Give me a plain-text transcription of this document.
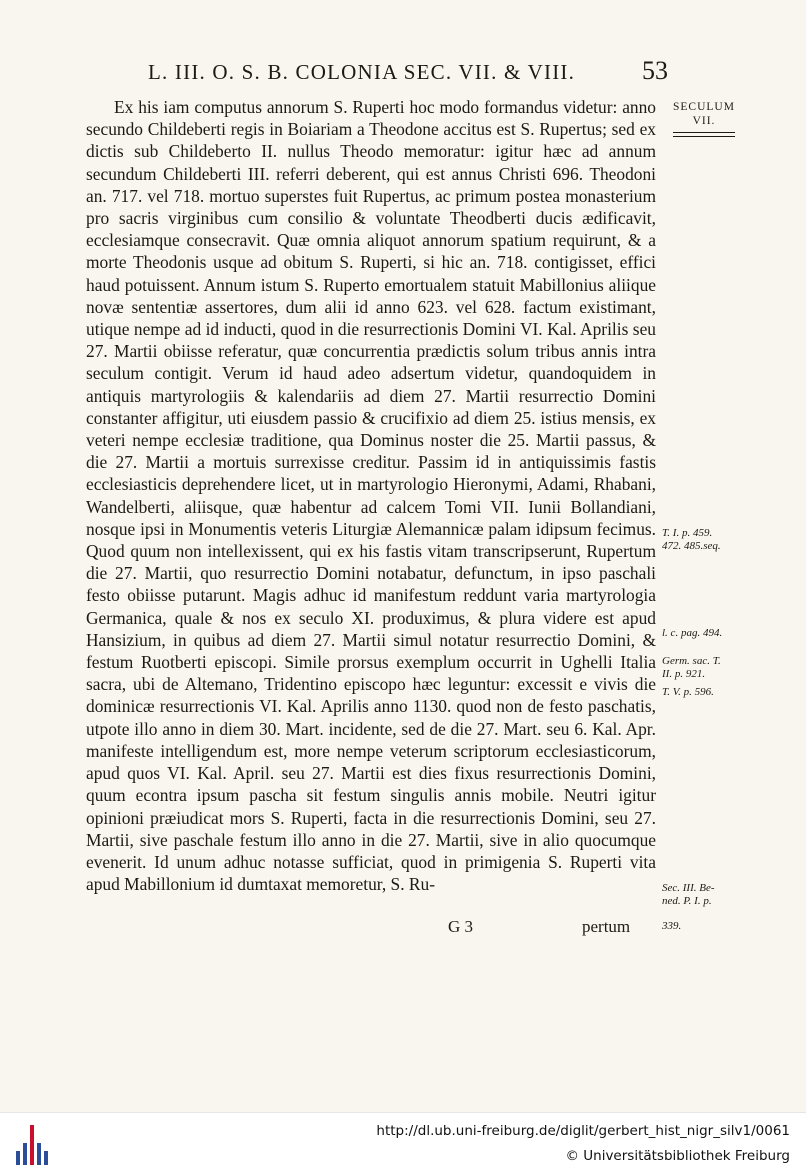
L. III. O. S. B. COLONIA SEC. VII. & VIII.	53
SECULUM
VII.

Ex his iam computus annorum S. Ruperti hoc modo formandus videtur: anno secundo Childeberti regis in Boiariam a Theodone accitus est S. Rupertus; sed ex dictis sub Childeberto II. nullus Theodo memoratur: igitur hæc ad annum secundum Childeberti III. referri deberent, qui est annus Christi 696. Theodoni an. 717. vel 718. mortuo superstes fuit Rupertus, ac primum postea monasterium pro sacris virginibus cum consilio & voluntate Theodberti ducis ædificavit, ecclesiamque consecravit. Quæ omnia aliquot annorum spatium requirunt, & a morte Theodonis usque ad obitum S. Ruperti, si hic an. 718. contigisset, effici haud potuissent. Annum istum S. Ruperto emortualem statuit Mabillonius aliique novæ sententiæ assertores, dum alii id anno 623. vel 628. factum existimant, utique nempe ad id inducti, quod in die resurrectionis Domini VI. Kal. Aprilis seu 27. Martii obiisse referatur, quæ concurrentia prædictis solum tribus annis intra seculum contigit. Verum id haud adeo adsertum videtur, quandoquidem in antiquis martyrologiis & kalendariis ad diem 27. Martii resurrectio Domini constanter affigitur, uti eiusdem passio & crucifixio ad diem 25. istius mensis, ex veteri nempe ecclesiæ traditione, qua Dominus noster die 25. Martii passus, & die 27. Martii a mortuis surrexisse creditur. Passim id in antiquissimis fastis ecclesiasticis deprehendere licet, ut in martyrologio Hieronymi, Adami, Rhabani, Wandelberti, aliisque, quæ habentur ad calcem Tomi VII. Iunii Bollandiani, nosque ipsi in Monumentis veteris Liturgiæ Alemannicæ palam idipsum fecimus. Quod quum non intellexissent, qui ex his fastis vitam transcripserunt, Rupertum die 27. Martii, quo resurrectio Domini notabatur, defunctum, in ipso paschali festo obiisse putarunt. Magis adhuc id manifestum reddunt varia martyrologia Germanica, quale & nos ex seculo XI. produximus, & plura videre est apud Hansizium, in quibus ad diem 27. Martii simul notatur resurrectio Domini, & festum Ruotberti episcopi. Simile prorsus exemplum occurrit in Ughelli Italia sacra, ubi de Altemano, Tridentino episcopo hæc leguntur: excessit e vivis die dominicæ resurrectionis VI. Kal. Aprilis anno 1130. quod non de festo paschatis, utpote illo anno in diem 30. Mart. incidente, sed de die 27. Mart. seu 6. Kal. Apr. manifeste intelligendum est, more nempe veterum scriptorum ecclesiasticorum, apud quos VI. Kal. April. seu 27. Martii est dies fixus resurrectionis Domini, quum econtra ipsum pascha sit festum singulis annis mobile. Neutri igitur opinioni præiudicat mors S. Ruperti, facta in die resurrectionis Domini, seu 27. Martii, sive paschale festum illo anno in die 27. Martii, sive in alio quocumque evenerit. Id unum adhuc notasse sufficiat, quod in primigenia S. Ruperti vita apud Mabillonium id dumtaxat memoretur, S. Ru-

T. I. p. 459.
472. 485.seq.
l. c. pag. 494.
Germ. sac. T.
II. p. 921.
T. V. p. 596.
Sec. III. Be-
ned. P. I. p.
339.
G 3	pertum
http://dl.ub.uni-freiburg.de/diglit/gerbert_hist_nigr_silv1/0061
© Universitätsbibliothek Freiburg
